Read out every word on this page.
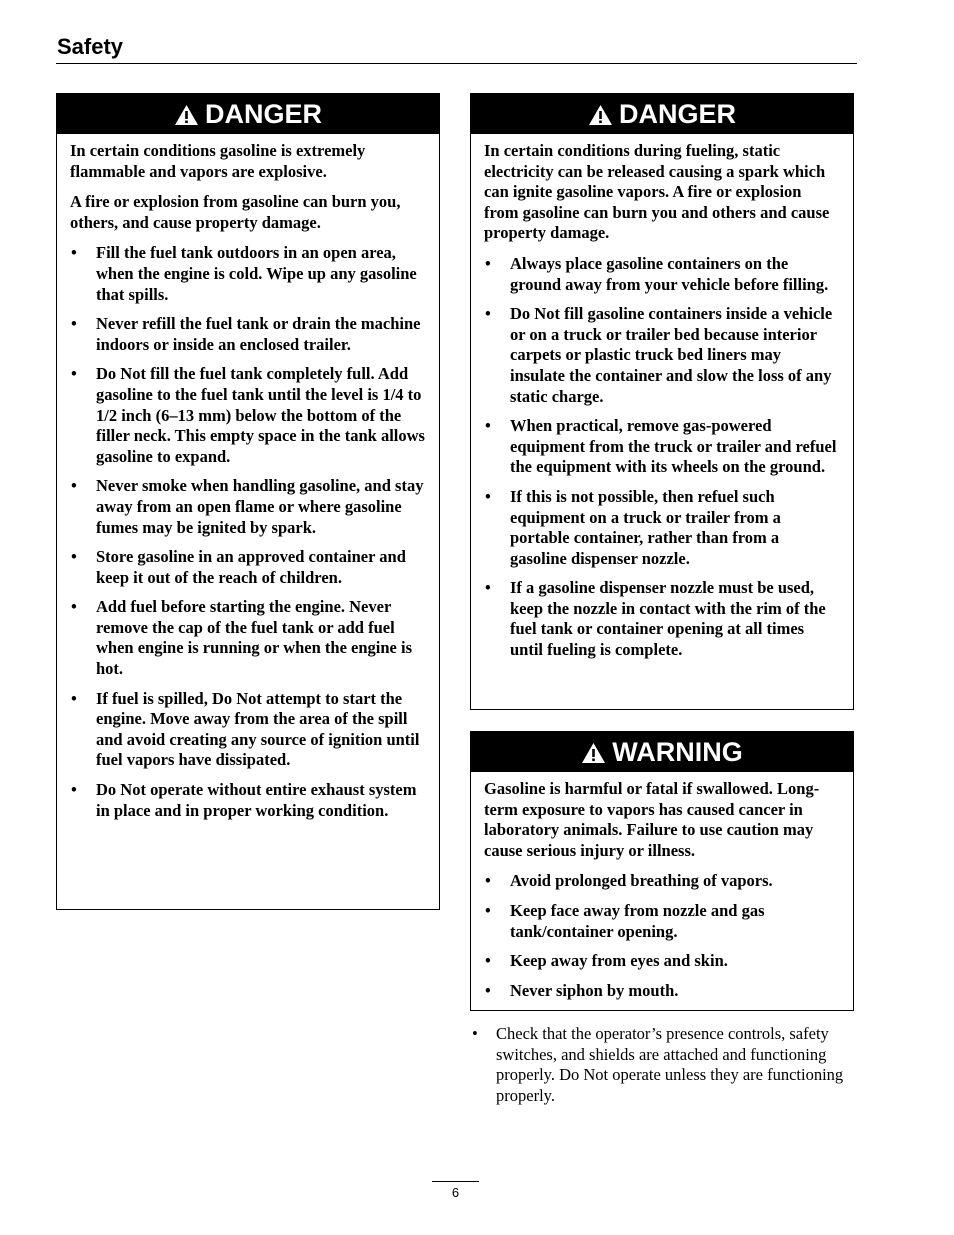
Safety
DANGER

In certain conditions gasoline is extremely flammable and vapors are explosive.

A fire or explosion from gasoline can burn you, others, and cause property damage.

• Fill the fuel tank outdoors in an open area, when the engine is cold. Wipe up any gasoline that spills.
• Never refill the fuel tank or drain the machine indoors or inside an enclosed trailer.
• Do Not fill the fuel tank completely full. Add gasoline to the fuel tank until the level is 1/4 to 1/2 inch (6–13 mm) below the bottom of the filler neck. This empty space in the tank allows gasoline to expand.
• Never smoke when handling gasoline, and stay away from an open flame or where gasoline fumes may be ignited by spark.
• Store gasoline in an approved container and keep it out of the reach of children.
• Add fuel before starting the engine. Never remove the cap of the fuel tank or add fuel when engine is running or when the engine is hot.
• If fuel is spilled, Do Not attempt to start the engine. Move away from the area of the spill and avoid creating any source of ignition until fuel vapors have dissipated.
• Do Not operate without entire exhaust system in place and in proper working condition.
DANGER

In certain conditions during fueling, static electricity can be released causing a spark which can ignite gasoline vapors. A fire or explosion from gasoline can burn you and others and cause property damage.

• Always place gasoline containers on the ground away from your vehicle before filling.
• Do Not fill gasoline containers inside a vehicle or on a truck or trailer bed because interior carpets or plastic truck bed liners may insulate the container and slow the loss of any static charge.
• When practical, remove gas-powered equipment from the truck or trailer and refuel the equipment with its wheels on the ground.
• If this is not possible, then refuel such equipment on a truck or trailer from a portable container, rather than from a gasoline dispenser nozzle.
• If a gasoline dispenser nozzle must be used, keep the nozzle in contact with the rim of the fuel tank or container opening at all times until fueling is complete.
WARNING

Gasoline is harmful or fatal if swallowed. Long-term exposure to vapors has caused cancer in laboratory animals. Failure to use caution may cause serious injury or illness.

• Avoid prolonged breathing of vapors.
• Keep face away from nozzle and gas tank/container opening.
• Keep away from eyes and skin.
• Never siphon by mouth.
• Check that the operator’s presence controls, safety switches, and shields are attached and functioning properly. Do Not operate unless they are functioning properly.
6
